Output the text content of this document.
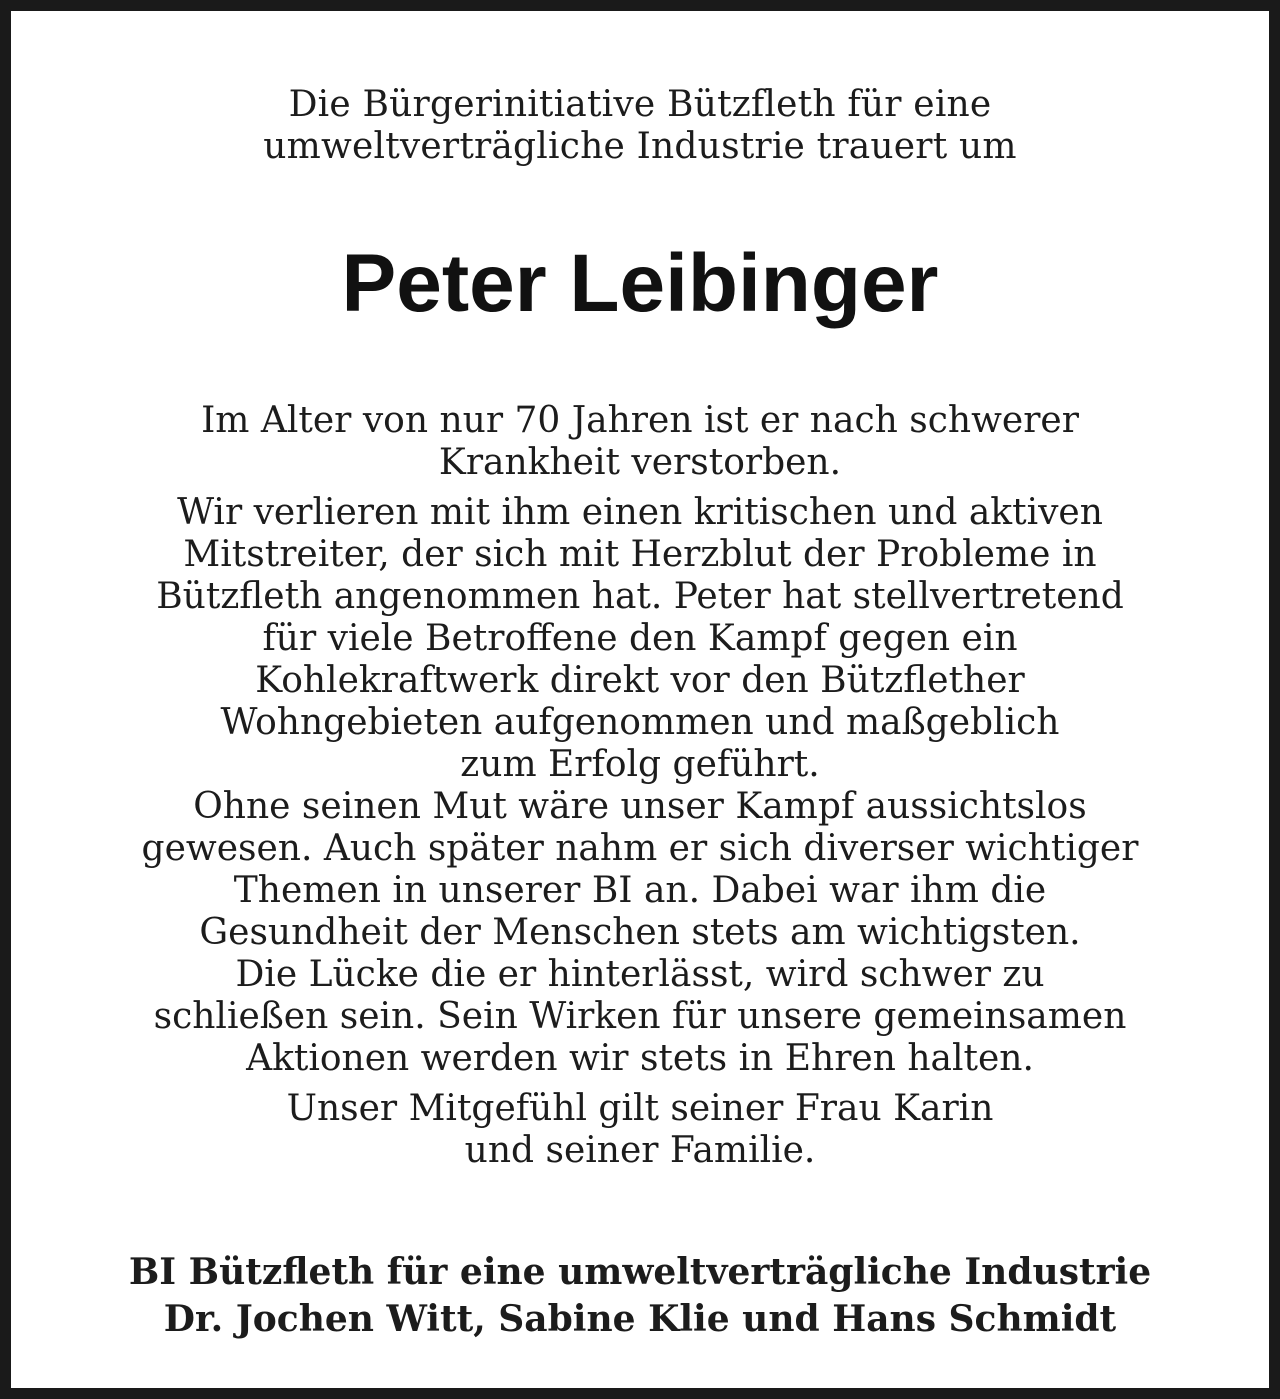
Die Bürgerinitiative Bützfleth für eine
umweltverträgliche Industrie trauert um
Peter Leibinger
Im Alter von nur 70 Jahren ist er nach schwerer
Krankheit verstorben.
Wir verlieren mit ihm einen kritischen und aktiven
Mitstreiter, der sich mit Herzblut der Probleme in
Bützfleth angenommen hat. Peter hat stellvertretend
für viele Betroffene den Kampf gegen ein
Kohlekraftwerk direkt vor den Bützflether
Wohngebieten aufgenommen und maßgeblich
zum Erfolg geführt.
Ohne seinen Mut wäre unser Kampf aussichtslos
gewesen. Auch später nahm er sich diverser wichtiger
Themen in unserer BI an. Dabei war ihm die
Gesundheit der Menschen stets am wichtigsten.
Die Lücke die er hinterlässt, wird schwer zu
schließen sein. Sein Wirken für unsere gemeinsamen
Aktionen werden wir stets in Ehren halten.
Unser Mitgefühl gilt seiner Frau Karin
und seiner Familie.
BI Bützfleth für eine umweltverträgliche Industrie
Dr. Jochen Witt, Sabine Klie und Hans Schmidt
